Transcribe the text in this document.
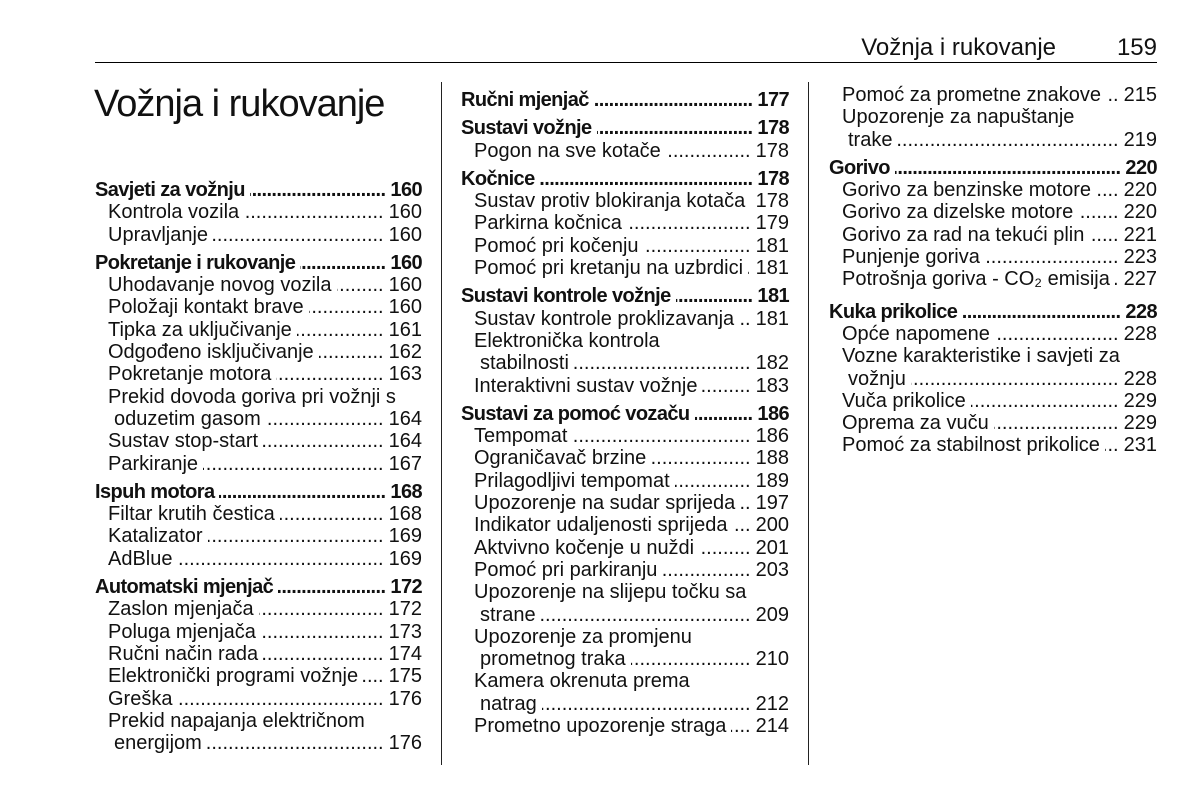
Vožnja i rukovanje	159
Vožnja i rukovanje
Savjeti za vožnju .....	160
Kontrola vozila .....	160
Upravljanje .....	160
Pokretanje i rukovanje .....	160
Uhodavanje novog vozila .....	160
Položaji kontakt brave .....	160
Tipka za uključivanje .....	161
Odgođeno isključivanje .....	162
Pokretanje motora .....	163
Prekid dovoda goriva pri vožnji s
oduzetim gasom .....	164
Sustav stop-start .....	164
Parkiranje .....	167
Ispuh motora .....	168
Filtar krutih čestica .....	168
Katalizator .....	169
AdBlue .....	169
Automatski mjenjač .....	172
Zaslon mjenjača .....	172
Poluga mjenjača .....	173
Ručni način rada .....	174
Elektronički programi vožnje ..... 175
Greška .....	176
Prekid napajanja električnom
energijom .....	176
Ručni mjenjač .....	177
Sustavi vožnje .....	178
Pogon na sve kotače .....	178
Kočnice .....	178
Sustav protiv blokiranja kotača ..... 178
Parkirna kočnica .....	179
Pomoć pri kočenju .....	181
Pomoć pri kretanju na uzbrdici ..... 181
Sustavi kontrole vožnje .....	181
Sustav kontrole proklizavanja ..... 181
Elektronička kontrola
stabilnosti .....	182
Interaktivni sustav vožnje .....	183
Sustavi za pomoć vozaču .....	186
Tempomat .....	186
Ograničavač brzine .....	188
Prilagodljivi tempomat .....	189
Upozorenje na sudar sprijeda ..... 197
Indikator udaljenosti sprijeda ..... 200
Aktvivno kočenje u nuždi .....	201
Pomoć pri parkiranju .....	203
Upozorenje na slijepu točku sa
strane .....	209
Upozorenje za promjenu
prometnog traka .....	210
Kamera okrenuta prema
natrag .....	212
Prometno upozorenje straga ..... 214
Pomoć za prometne znakove ..... 215
Upozorenje za napuštanje
trake .....	219
Gorivo .....	220
Gorivo za benzinske motore ..... 220
Gorivo za dizelske motore .....	220
Gorivo za rad na tekući plin ..... 221
Punjenje goriva .....	223
Potrošnja goriva - CO₂ emisija ..... 227
Kuka prikolice .....	228
Opće napomene .....	228
Vozne karakteristike i savjeti za
vožnju .....	228
Vuča prikolice .....	229
Oprema za vuču .....	229
Pomoć za stabilnost prikolice ..... 231
